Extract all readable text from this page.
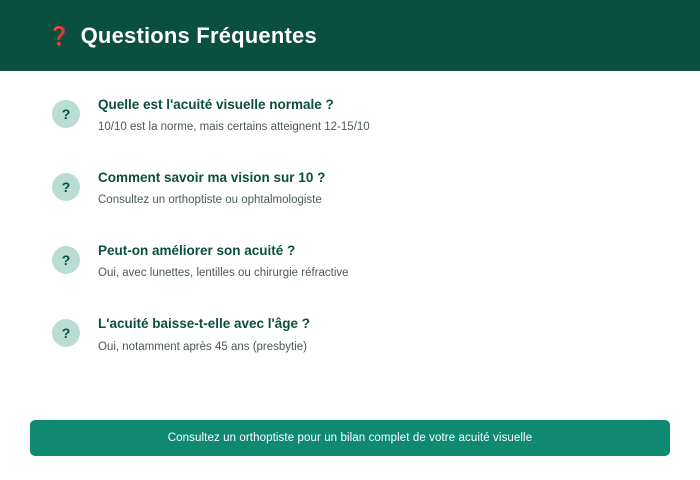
❓ Questions Fréquentes
?
Quelle est l'acuité visuelle normale ?
10/10 est la norme, mais certains atteignent 12-15/10
?
Comment savoir ma vision sur 10 ?
Consultez un orthoptiste ou ophtalmologiste
?
Peut-on améliorer son acuité ?
Oui, avec lunettes, lentilles ou chirurgie réfractive
?
L'acuité baisse-t-elle avec l'âge ?
Oui, notamment après 45 ans (presbytie)
Consultez un orthoptiste pour un bilan complet de votre acuité visuelle
